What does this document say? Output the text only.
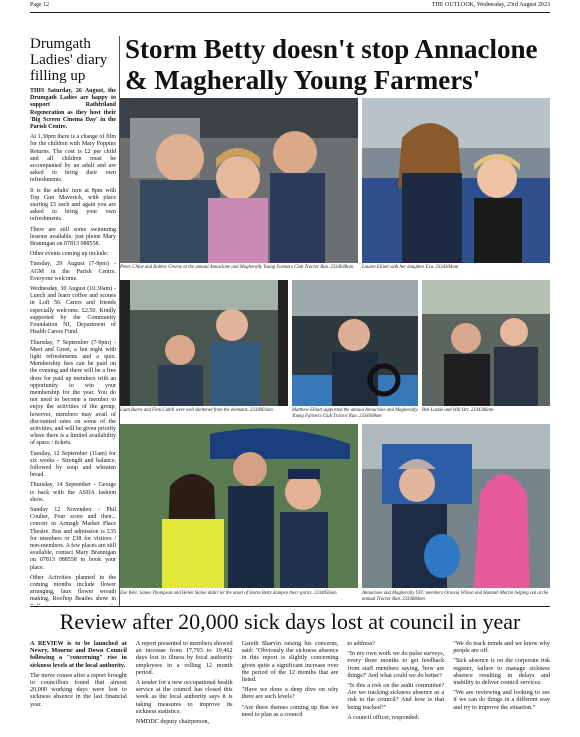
Page 12	THE OUTLOOK, Wednesday, 23rd August 2023
Drumgath Ladies' diary filling up

THIS Saturday, 26 August, the Drumgath Ladies are happy to support Rathfriland Regeneration as they host their 'Big Screen Cinema Day' in the Parish Centre.

At 1.30pm there is a change of film for the children with Mary Poppins Returns. The cost is £2 per child and all children must be accompanied by an adult and are asked to bring their own refreshments.

It is the adults' turn at 8pm with Top Gun Maverick, with place starting £5 each and again you are asked to bring your own refreshments.

There are still some swimming lessons available, just phone Mary Brannigan on 07813 088558.

Other events coming up include:

Tuesday, 29 August (7-9pm) - AGM in the Parish Centre. Everyone welcome.

Wednesday, 30 August (10.30am) - Lunch and learn coffee and scones in Loft 56. Carers and friends especially welcome. £2.50. Kindly supported by the Community Foundation NI, Department of Health Carers Fund.

Thursday, 7 September (7-9pm) - Meet and Greet, a fun night with light refreshments and a quiz. Membership fees can be paid on the evening and there will be a free draw for paid up members with an opportunity to win your membership for the year. You do not need to become a member to enjoy the activities of the group, however, members may avail of discounted rates on some of the activities, and will be given priority where there is a limited availability of space / tickets.

Tuesday, 12 September (11am) for six weeks - Strength and balance, followed by soup and wheaten bread.

Thursday, 14 September - George is back with the ASDA fashion show.

Sunday 12 November - Phil Coulter, Four score and then... concert in Armagh Market Place Theatre. Bus and admission is £35 for members or £38 for visitors / non-members. A few places are still available, contact Mary Brannigan on 07813 088558 to book your place.

Other Activities planned in the coming months include flower arranging, faux flower wreath making, Rooftop Beatles show in

Storm Betty doesn't stop Annaclone & Magherally Young Farmers'
Peter, Chloe and Robbie Greene at the annual Annaclone and Magherally Young Farmers Club Tractor Run. 2334048om	Lauren Elliott with her daughter Eva. 2334304om
Liam Burns and Finn Cahill were well sheltered from the elements. 2334003om	Matthew Elliott supported the annual Annaclone and Magherally Young Farmers Club Tractor Run. 2334008om
Ben Laskie and Will Orr. 2334306om
Zoe Weir, James Thompson and Helen Slaine didn't let the onset of Storm Betty dampen their spirits. 2334056om	Annaclone and Magherally YFC members Octavia Wilson and Hannah Martin helping out at the annual Tractor Run. 2334084om
Review after 20,000 sick days lost at council in year

A REVIEW is to be launched at Newry, Mourne and Down Council following a "concerning" rise in sickness levels at the local authority.

The move comes after a report brought to councillors found that almost 20,000 working days were lost to sickness absence in the last financial year.

A report presented to members showed an increase from 17,793 to 19,462 days lost to illness by local authority employees in a rolling 12 month period.

A tender for a new occupational health service at the council has closed this week as the local authority says it is taking measures to improve its sickness statistics.

NMDDC deputy chairperson,

Gareth Sharvin raising his concerns, said: "Obviously the sickness absence in this report is slightly concerning given quite a significant increase over the period of the 12 months that are listed.

"Have we done a deep dive on why there are such levels?

"Are there themes coming up that we need to plan as a council

to address?

"In my own work we do pulse surveys, every three months to get feedback from staff members saying, 'how are things?' And what could we do better?

"Is this a risk on the audit committee? Are we tracking sickness absence as a risk to the council? And how is that being tracked?"

A council officer, responded:

"We do track trends and we know why people are off.

"Sick absence is on the corporate risk register, failure to manage sickness absence resulting in delays and inability to deliver council services.

"We are reviewing and looking to see if we can do things in a different way and try to improve the situation."
